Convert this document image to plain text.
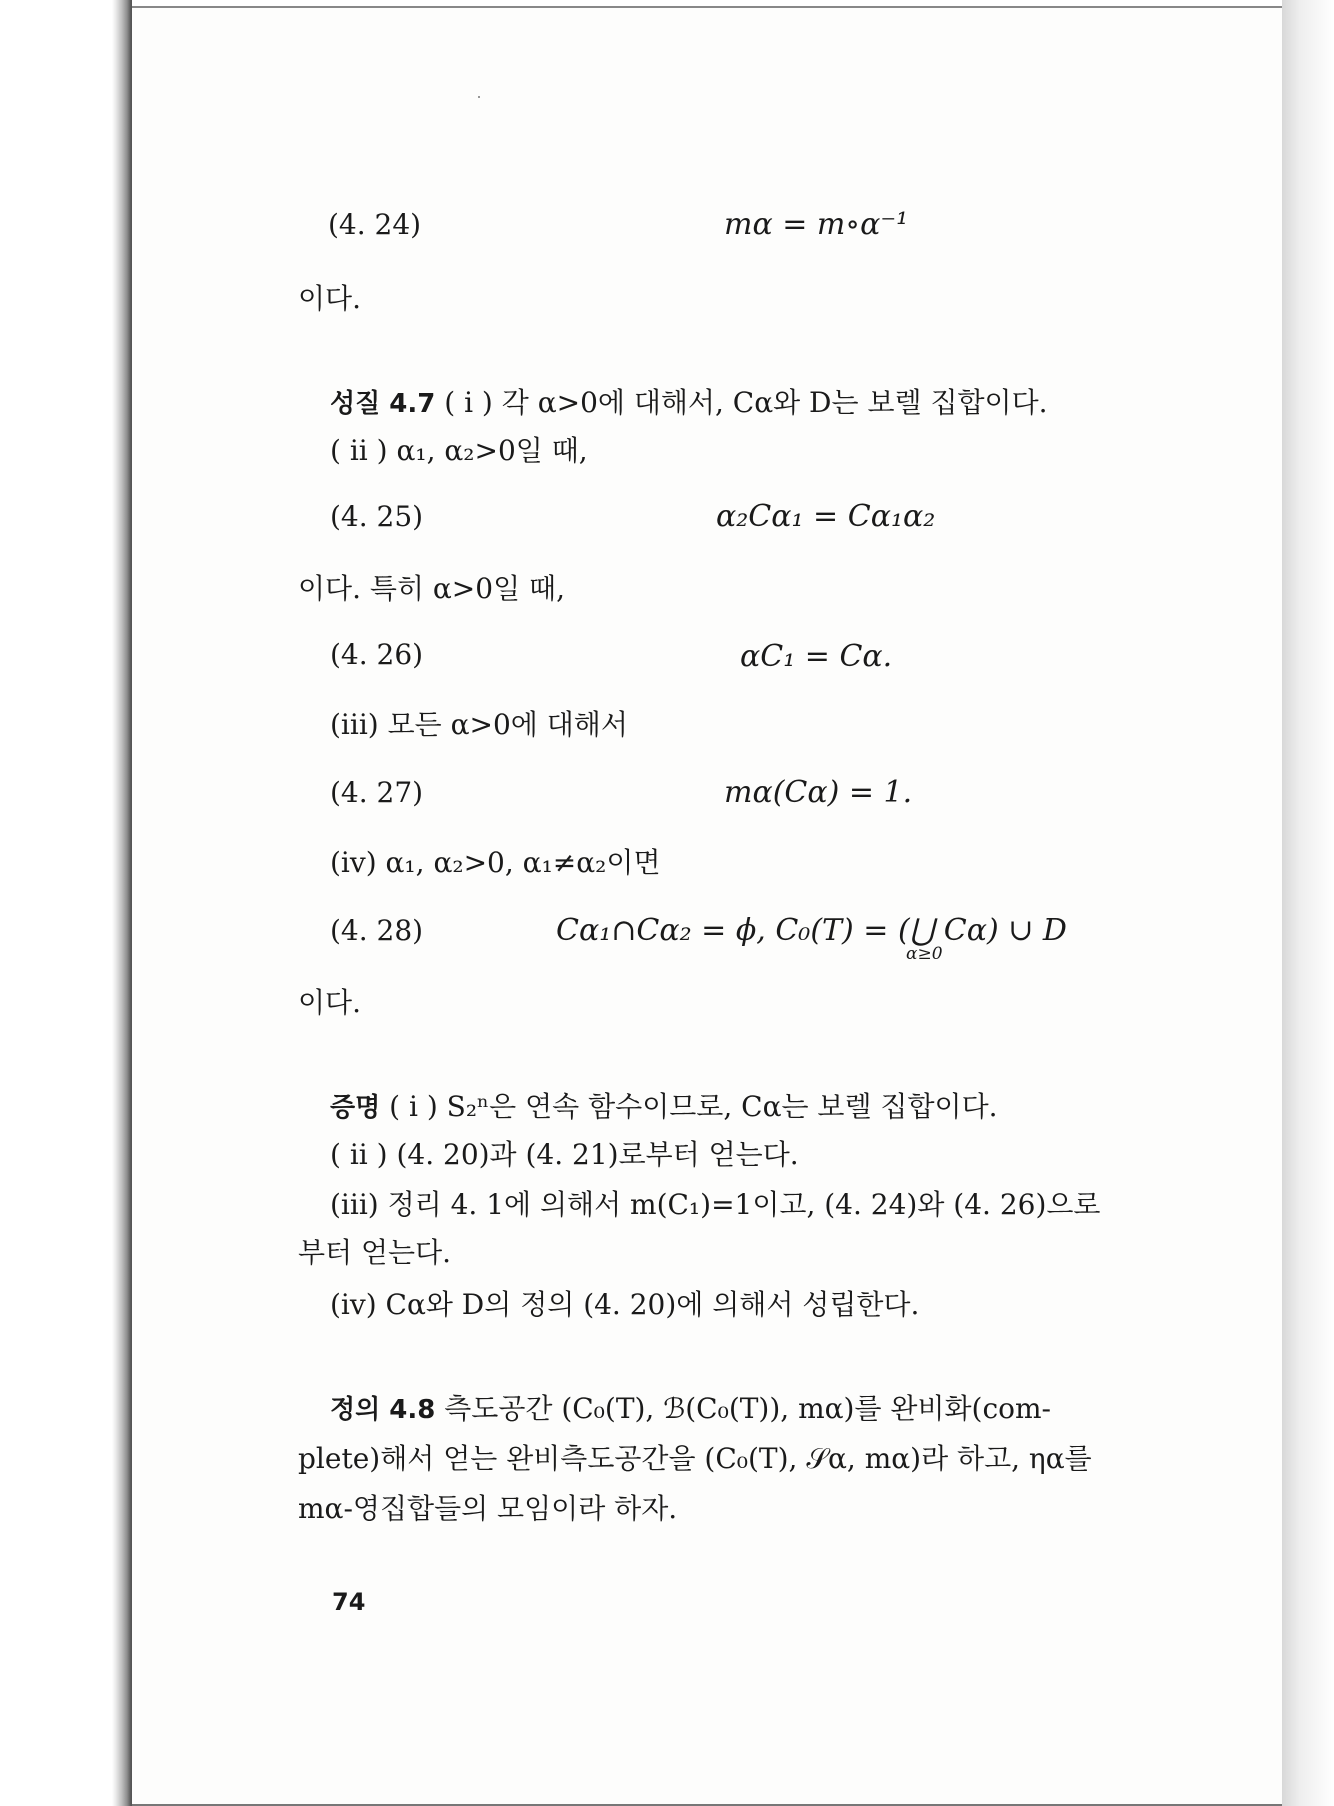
(4. 24)	mα = m∘α⁻¹
이다.
성질 4.7 ( i ) 각 α>0에 대해서, Cα와 D는 보렐 집합이다.
( ii ) α₁, α₂>0일 때,
(4. 25)	α₂Cα₁ = Cα₁α₂
이다. 특히 α>0일 때,
(4. 26)	αC₁ = Cα.
(iii) 모든 α>0에 대해서
(4. 27)	mα(Cα) = 1.
(iv) α₁, α₂>0, α₁≠α₂이면
(4. 28)	Cα₁∩Cα₂ = ϕ, C₀(T) = (⋃ Cα) ∪ D
α≥0
이다.
증명 ( i ) S₂ⁿ은 연속 함수이므로, Cα는 보렐 집합이다.
( ii ) (4. 20)과 (4. 21)로부터 얻는다.
(iii) 정리 4. 1에 의해서 m(C₁)=1이고, (4. 24)와 (4. 26)으로
부터 얻는다.
(iv) Cα와 D의 정의 (4. 20)에 의해서 성립한다.
정의 4.8 측도공간 (C₀(T), ℬ(C₀(T)), mα)를 완비화(com-
plete)해서 얻는 완비측도공간을 (C₀(T), 𝒮α, mα)라 하고, ηα를
mα-영집합들의 모임이라 하자.
74
